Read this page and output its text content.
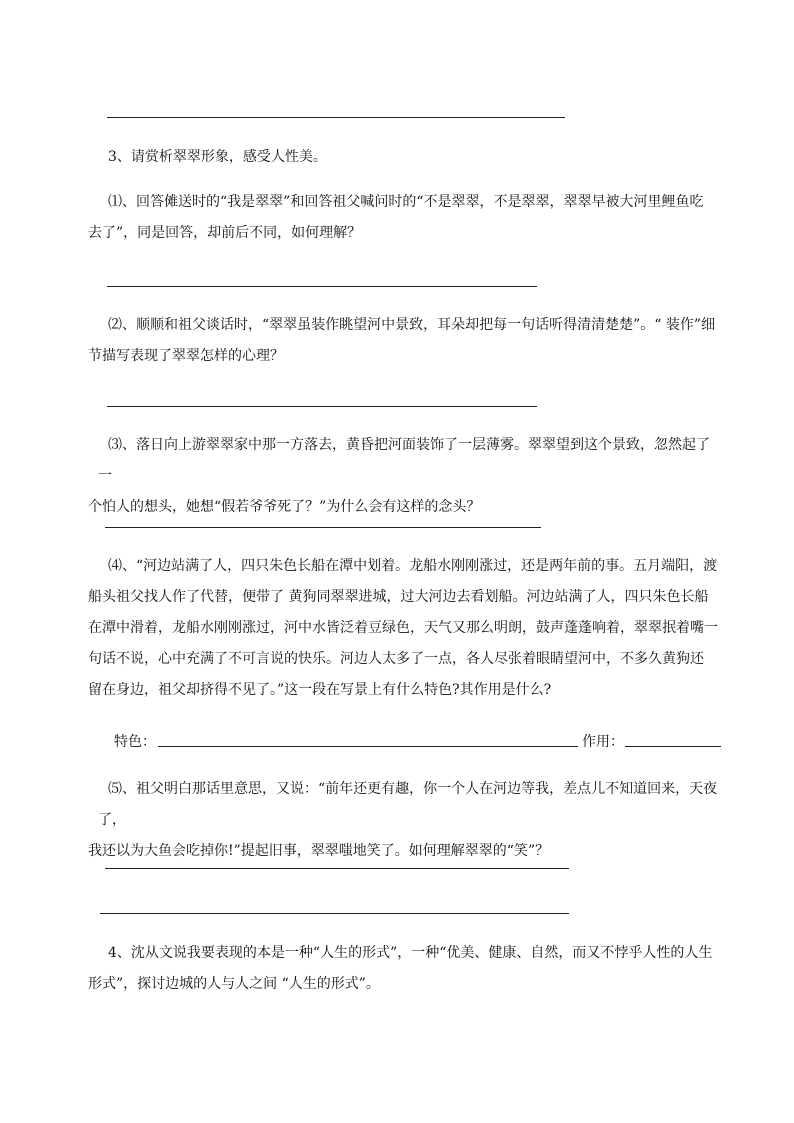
3、请赏析翠翠形象，感受人性美。

⑴、回答傩送时的“我是翠翠”和回答祖父喊问时的“不是翠翠，不是翠翠，翠翠早被大河里鲤鱼吃
去了”，同是回答，却前后不同，如何理解？

⑵、顺顺和祖父谈话时，“翠翠虽装作眺望河中景致，耳朵却把每一句话听得清清楚楚”。“ 装作”细
节描写表现了翠翠怎样的心理？

⑶、落日向上游翠翠家中那一方落去，黄昏把河面装饰了一层薄雾。翠翠望到这个景致，忽然起了一
个怕人的想头，她想“假若爷爷死了？”为什么会有这样的念头？

⑷、“河边站满了人，四只朱色长船在潭中划着。龙船水刚刚涨过，还是两年前的事。五月端阳，渡
船头祖父找人作了代替，便带了 黄狗同翠翠进城，过大河边去看划船。河边站满了人，四只朱色长船
在潭中滑着，龙船水刚刚涨过，河中水皆泛着豆绿色，天气又那么明朗，鼓声蓬蓬响着，翠翠抿着嘴一
句话不说，心中充满了不可言说的快乐。河边人太多了一点，各人尽张着眼睛望河中，不多久黄狗还
留在身边，祖父却挤得不见了。”这一段在写景上有什么特色?其作用是什么?

特色：	作用：

⑸、祖父明白那话里意思，又说：“前年还更有趣，你一个人在河边等我，差点儿不知道回来，天夜了，
我还以为大鱼会吃掉你!”提起旧事，翠翠嗤地笑了。如何理解翠翠的“笑”？

4、沈从文说我要表现的本是一种“人生的形式”，一种“优美、健康、自然，而又不悖乎人性的人生
形式”，探讨边城的人与人之间 “人生的形式”。
